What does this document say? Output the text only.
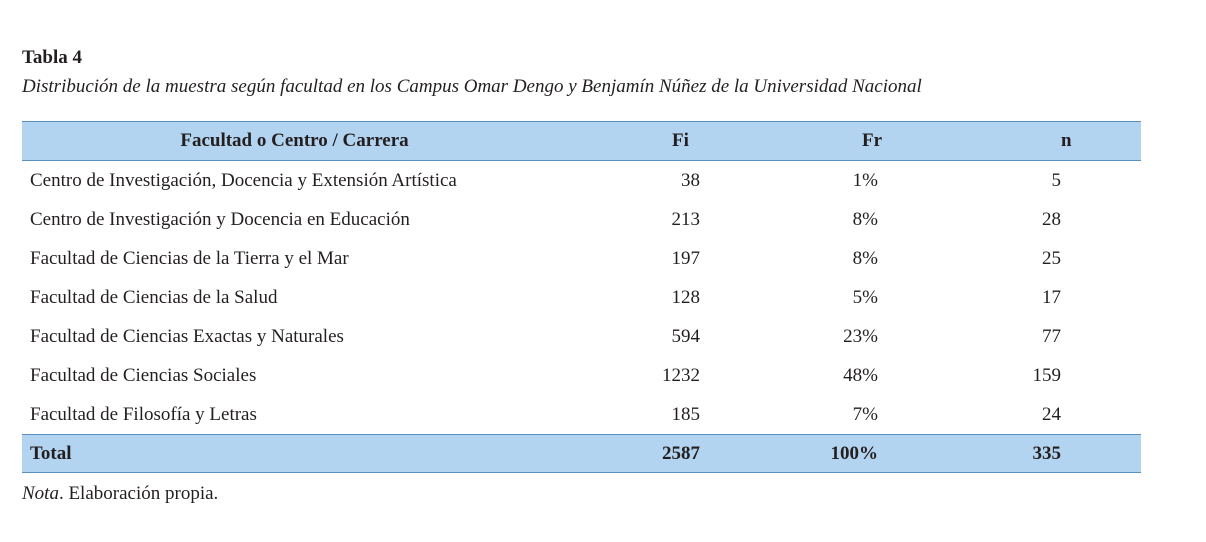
Tabla 4
Distribución de la muestra según facultad en los Campus Omar Dengo y Benjamín Núñez de la Universidad Nacional
Facultad o Centro / Carrera	Fi	Fr	n
Centro de Investigación, Docencia y Extensión Artística	38	1%	5
Centro de Investigación y Docencia en Educación	213	8%	28
Facultad de Ciencias de la Tierra y el Mar	197	8%	25
Facultad de Ciencias de la Salud	128	5%	17
Facultad de Ciencias Exactas y Naturales	594	23%	77
Facultad de Ciencias Sociales	1232	48%	159
Facultad de Filosofía y Letras	185	7%	24
Total	2587	100%	335
Nota. Elaboración propia.
